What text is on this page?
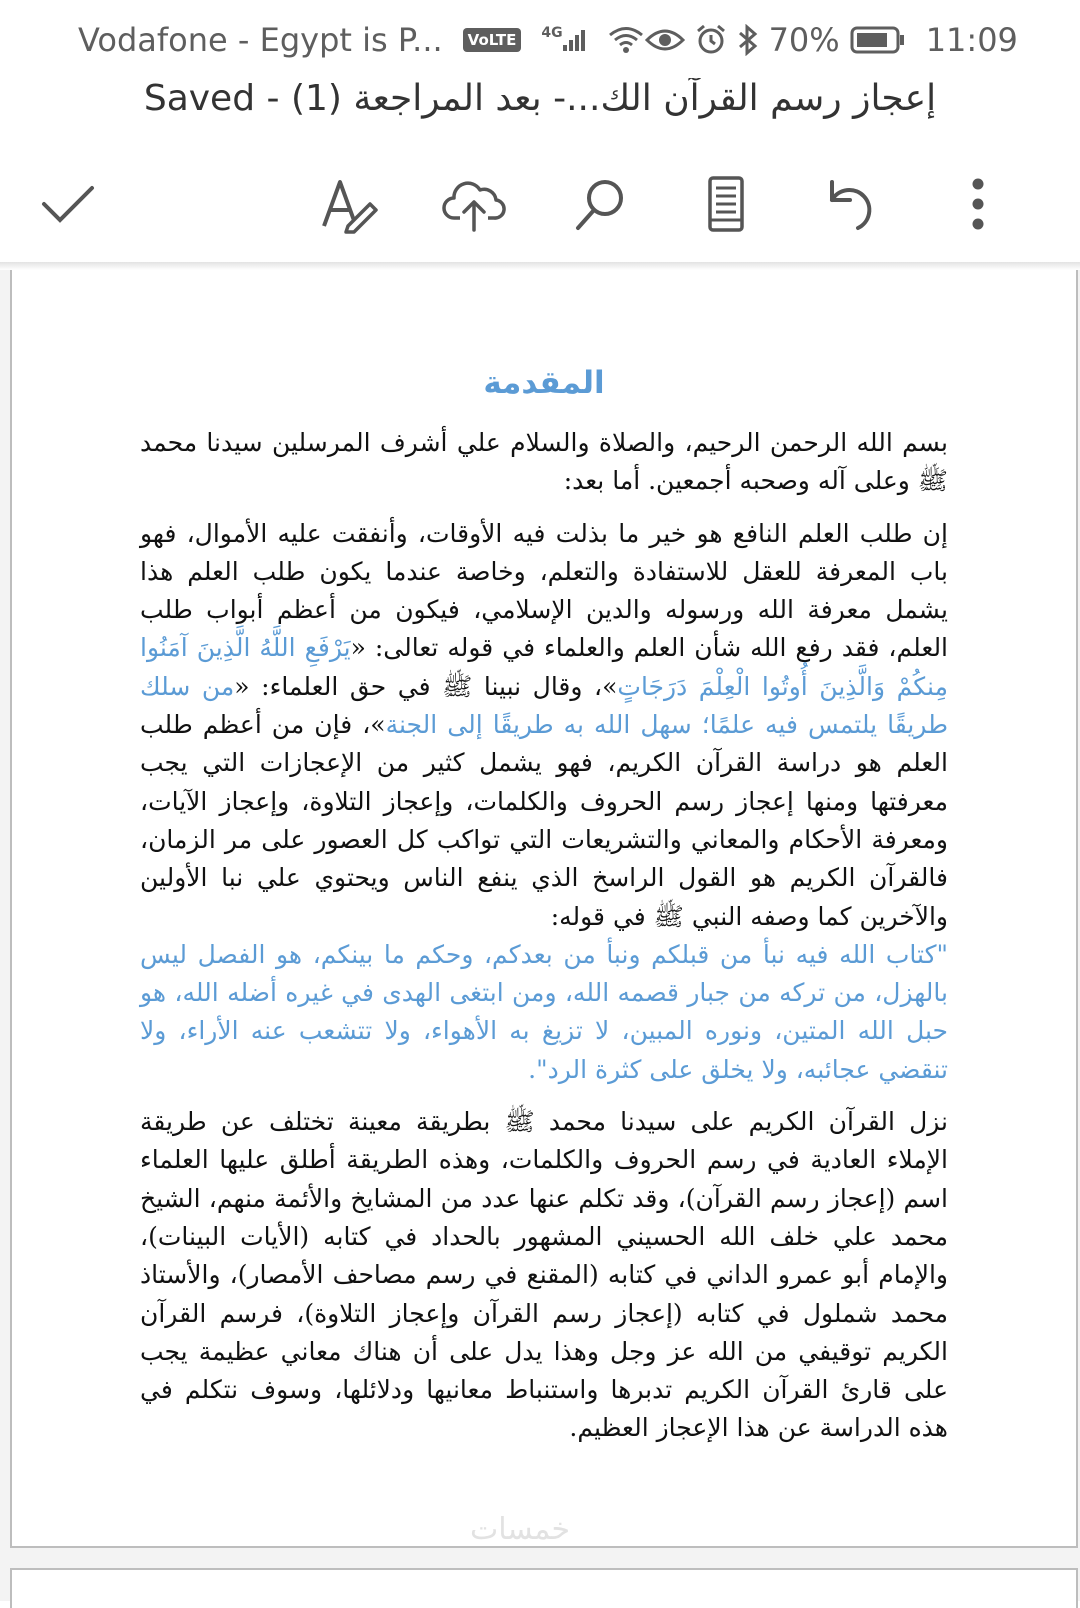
Vodafone - Egypt is P...	VoLTE	4G	70%	11:09
إعجاز رسم القرآن الك...- بعد المراجعة (1) - Saved
المقدمة

بسم الله الرحمن الرحيم، والصلاة والسلام علي أشرف المرسلين سيدنا محمد ﷺ وعلى آله وصحبه أجمعين. أما بعد:

إن طلب العلم النافع هو خير ما بذلت فيه الأوقات، وأنفقت عليه الأموال، فهو باب المعرفة للعقل للاستفادة والتعلم، وخاصة عندما يكون طلب العلم هذا يشمل معرفة الله ورسوله والدين الإسلامي، فيكون من أعظم أبواب طلب العلم، فقد رفع الله شأن العلم والعلماء في قوله تعالى: «يَرْفَعِ اللَّهُ الَّذِينَ آمَنُوا مِنكُمْ وَالَّذِينَ أُوتُوا الْعِلْمَ دَرَجَاتٍ»، وقال نبينا ﷺ في حق العلماء: «من سلك طريقًا يلتمس فيه علمًا؛ سهل الله به طريقًا إلى الجنة»، فإن من أعظم طلب العلم هو دراسة القرآن الكريم، فهو يشمل كثير من الإعجازات التي يجب معرفتها ومنها إعجاز رسم الحروف والكلمات، وإعجاز التلاوة، وإعجاز الآيات، ومعرفة الأحكام والمعاني والتشريعات التي تواكب كل العصور على مر الزمان، فالقرآن الكريم هو القول الراسخ الذي ينفع الناس ويحتوي علي نبا الأولين والآخرين كما وصفه النبي ﷺ في قوله:
"كتاب الله فيه نبأ من قبلكم ونبأ من بعدكم، وحكم ما بينكم، هو الفصل ليس بالهزل، من تركه من جبار قصمه الله، ومن ابتغى الهدى في غيره أضله الله، هو حبل الله المتين، ونوره المبين، لا تزيغ به الأهواء، ولا تتشعب عنه الأراء، ولا تنقضي عجائبه، ولا يخلق على كثرة الرد".

نزل القرآن الكريم على سيدنا محمد ﷺ بطريقة معينة تختلف عن طريقة الإملاء العادية في رسم الحروف والكلمات، وهذه الطريقة أطلق عليها العلماء اسم (إعجاز رسم القرآن)، وقد تكلم عنها عدد من المشايخ والأئمة منهم، الشيخ محمد علي خلف الله الحسيني المشهور بالحداد في كتابه (الأيات البينات)، والإمام أبو عمرو الداني في كتابه (المقنع في رسم مصاحف الأمصار)، والأستاذ محمد شملول في كتابه (إعجاز رسم القرآن وإعجاز التلاوة)، فرسم القرآن الكريم توقيفي من الله عز وجل وهذا يدل على أن هناك معاني عظيمة يجب على قارئ القرآن الكريم تدبرها واستنباط معانيها ودلائلها، وسوف نتكلم في هذه الدراسة عن هذا الإعجاز العظيم.

خمسات
